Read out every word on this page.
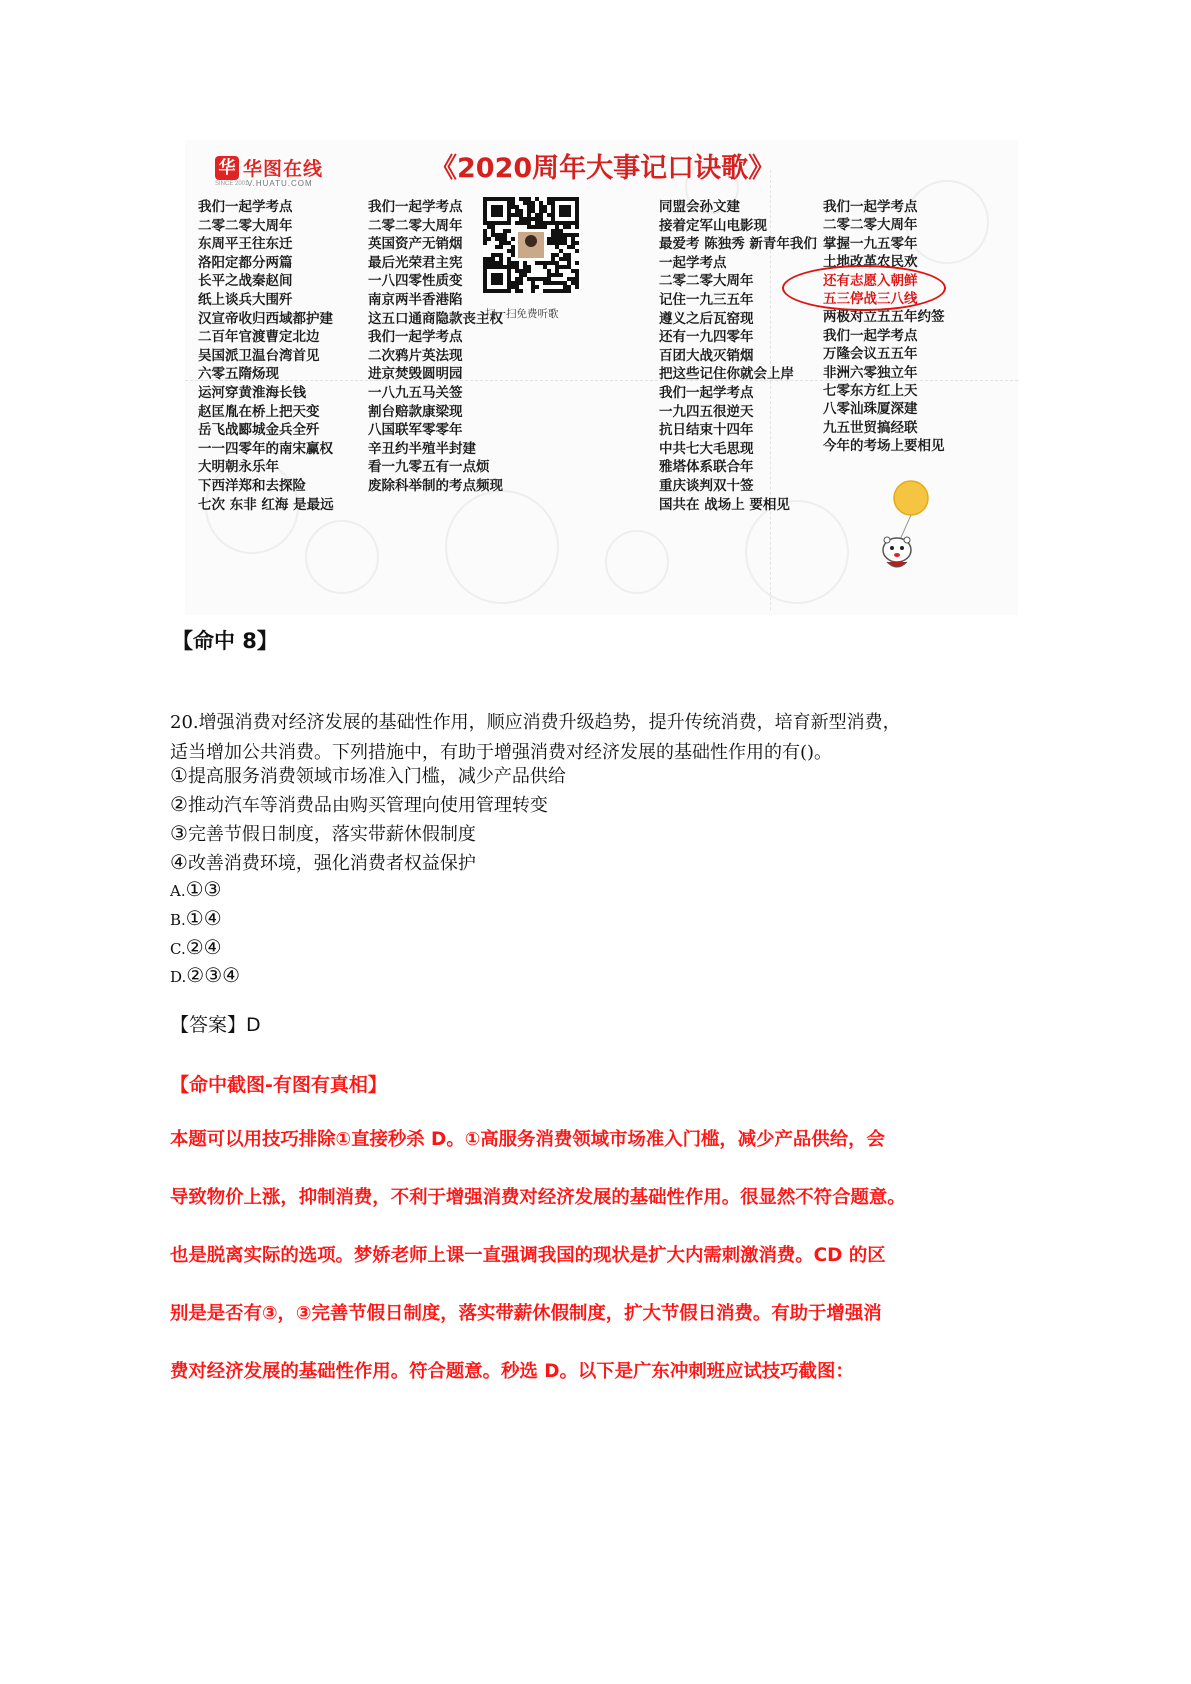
华 华图在线
V.HUATU.COM
SINCE 2001	《2020周年大事记口诀歌》
我们一起学考点
二零二零大周年
东周平王往东迁
洛阳定都分两篇
长平之战秦赵间
纸上谈兵大围歼
汉宣帝收归西域都护建
二百年官渡曹定北边
吴国派卫温台湾首见
六零五隋炀现
运河穿黄淮海长钱
赵匡胤在桥上把天变
岳飞战郾城金兵全歼
一一四零年的南宋赢权
大明朝永乐年
下西洋郑和去探险
七次 东非 红海 是最远
我们一起学考点
二零二零大周年
英国资产无销烟
最后光荣君主宪
一八四零性质变
南京两半香港陷
这五口通商隐款丧主权
我们一起学考点
二次鸦片英法现
进京焚毁圆明园
一八九五马关签
割台赔款康梁现
八国联军零零年
辛丑约半殖半封建
看一九零五有一点烦
废除科举制的考点频现
扫一扫免费听歌
同盟会孙文建
接着定军山电影现
最爱考 陈独秀 新青年我们
一起学考点
二零二零大周年
记住一九三五年
遵义之后瓦窑现
还有一九四零年
百团大战灭销烟
把这些记住你就会上岸
我们一起学考点
一九四五很逆天
抗日结束十四年
中共七大毛思现
雅塔体系联合年
重庆谈判双十签
国共在 战场上 要相见
我们一起学考点
二零二零大周年
掌握一九五零年
土地改革农民欢
还有志愿入朝鲜
五三停战三八线
两极对立五五年约签
我们一起学考点
万隆会议五五年
非洲六零独立年
七零东方红上天
八零汕珠厦深建
九五世贸搞经联
今年的考场上要相见
【命中 8】
20.增强消费对经济发展的基础性作用，顺应消费升级趋势，提升传统消费，培育新型消费，
适当增加公共消费。下列措施中，有助于增强消费对经济发展的基础性作用的有()。
①提高服务消费领域市场准入门槛，减少产品供给
②推动汽车等消费品由购买管理向使用管理转变
③完善节假日制度，落实带薪休假制度
④改善消费环境，强化消费者权益保护
A.①③
B.①④
C.②④
D.②③④
【答案】D
【命中截图-有图有真相】
本题可以用技巧排除①直接秒杀 D。①高服务消费领域市场准入门槛，减少产品供给，会
导致物价上涨，抑制消费，不利于增强消费对经济发展的基础性作用。很显然不符合题意。
也是脱离实际的选项。梦娇老师上课一直强调我国的现状是扩大内需刺激消费。CD 的区
别是是否有③，③完善节假日制度，落实带薪休假制度，扩大节假日消费。有助于增强消
费对经济发展的基础性作用。符合题意。秒选 D。以下是广东冲刺班应试技巧截图：
